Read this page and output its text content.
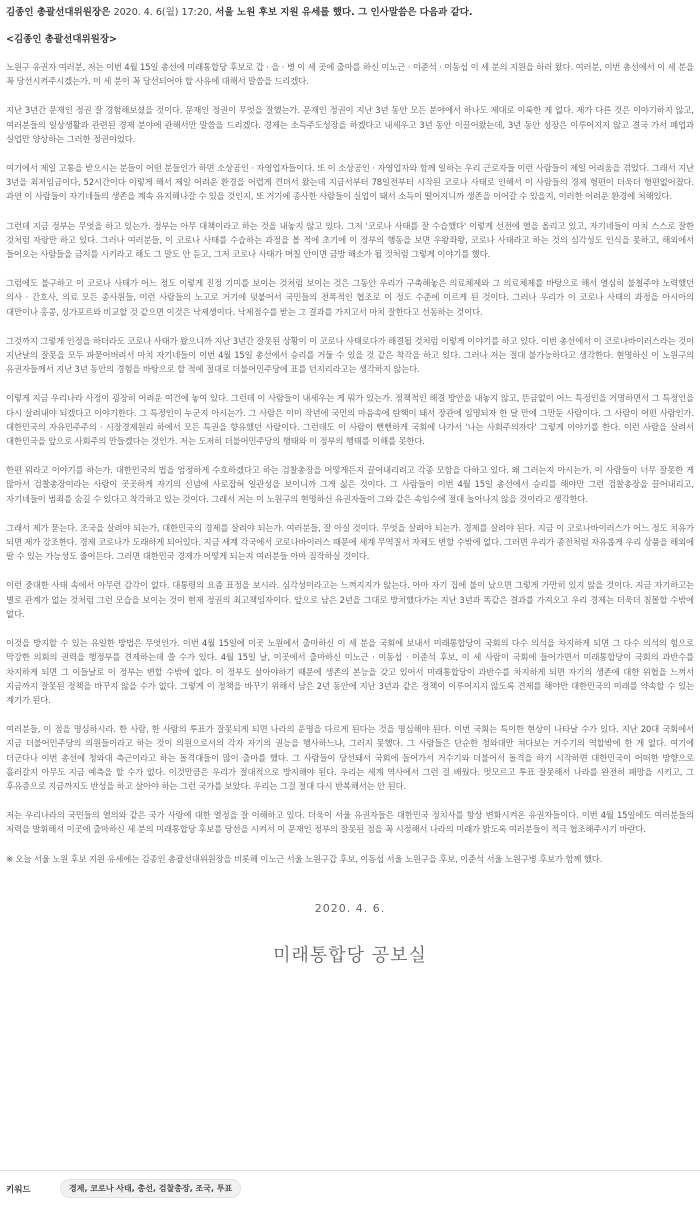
김종인 총괄선대위원장은 2020. 4. 6(월) 17:20, 서울 노원 후보 지원 유세를 했다. 그 인사말씀은 다음과 같다.
<김종인 총괄선대위원장>
노원구 유권자 여러분, 저는 이번 4월 15일 총선에 미래통합당 후보로 갑 · 을 · 병 이 세 곳에 출마를 하신 이노근 · 이준석 · 이동섭 이 세 분의 지원을 하러 왔다. 여러분, 이번 총선에서 이 세 분을 꼭 당선시켜주시겠는가. 이 세 분이 꼭 당선되어야 할 사유에 대해서 말씀을 드리겠다.
지난 3년간 문재인 정권 잘 경험해보셨을 것이다. 문재인 정권이 무엇을 잘했는가. 문재인 정권이 지난 3년 동안 모든 분야에서 하나도 제대로 이룩한 게 없다. 제가 다른 것은 이야기하지 않고, 여러분들의 일상생활과 관련된 경제 분야에 관해서만 말씀을 드리겠다. 경제는 소득주도성장을 하겠다고 내세우고 3년 동안 이끌어왔는데, 3년 동안 성장은 이루어지지 않고 결국 가서 폐업과 실업만 양상하는 그러한 정권이었다.
여기에서 제일 고통을 받으시는 분들이 어떤 분들인가 하면 소상공인 · 자영업자들이다. 또 이 소상공인 · 자영업자와 함께 일하는 우리 근로자들 이런 사람들이 제일 어려움을 겪었다. 그래서 지난 3년을 최저임금이다, 52시간이다 이렇게 해서 제일 어려운 환경을 어렵게 견뎌서 왔는데 지금서부터 78일전부터 시작된 코로나 사태로 인해서 이 사람들의 경제 형편이 더욱더 형편없어졌다. 과연 이 사람들이 자기네들의 생존을 계속 유지해나갈 수 있을 것인지, 또 거기에 종사한 사람들이 실업이 돼서 소득이 떨어지니까 생존을 이어갈 수 있을지, 이러한 어려운 환경에 처해있다.
그런데 지금 정부는 무엇을 하고 있는가. 정부는 아무 대책이라고 하는 것을 내놓지 않고 있다. 그저 '코로나 사태를 잘 수습했다' 이렇게 선전에 열을 올리고 있고, 자기네들이 마치 스스로 잘한 것처럼 자랑만 하고 있다. 그러나 여러분들, 이 코로나 사태를 수습하는 과정을 볼 적에 초기에 이 정부의 행동을 보면 우왕좌왕, 코로나 사태라고 하는 것의 심각성도 인식을 못하고, 해외에서 들어오는 사람들을 금지를 시키라고 해도 그 말도 안 듣고, 그저 코로나 사태가 며칠 안이면 금방 해소가 될 것처럼 그렇게 이야기를 했다.
그럼에도 불구하고 이 코로나 사태가 어느 정도 이렇게 진정 기미를 보이는 것처럼 보이는 것은 그동안 우리가 구축해놓은 의료체제와 그 의료체제를 바탕으로 해서 열심히 불철주야 노력했던 의사 · 간호사, 의료 모든 종사원들, 이런 사람들의 노고로 거기에 덧붙어서 국민들의 전폭적인 협조로 이 정도 수준에 이르게 된 것이다. 그러나 우리가 이 코로나 사태의 과정을 아시아의 대만이나 홍콩, 싱가포르와 비교할 것 같으면 이것은 낙제생이다. 낙제점수를 받는 그 결과를 가지고서 마치 잘한다고 선동하는 것이다.
그것까지 그렇게 인정을 하더라도 코로나 사태가 왔으니까 지난 3년간 잘못된 상황이 이 코로나 사태로다가 해결될 것처럼 이렇게 이야기를 하고 있다. 이번 총선에서 이 코로나바이러스라는 것이 지난날의 잘못을 모두 파묻어버려서 마치 자기네들이 이번 4월 15일 총선에서 승리를 거둘 수 있을 것 같은 착각을 하고 있다. 그러나 저는 절대 불가능하다고 생각한다. 현명하신 이 노원구의 유권자들께서 지난 3년 동안의 경험을 바탕으로 할 적에 절대로 더불어민주당에 표를 던지리라고는 생각하지 않는다.
이렇게 지금 우리나라 사정이 굉장히 어려운 여건에 놓여 있다. 그런데 이 사람들이 내세우는 게 뭐가 있는가. 정책적인 해결 방안을 내놓지 않고, 뜬금없이 어느 특정인을 거명하면서 그 특정인을 다시 살려내야 되겠다고 이야기한다. 그 특정인이 누군지 아시는가. 그 사람은 이미 작년에 국민의 마음속에 탄핵이 돼서 장관에 임명되자 한 달 만에 그만둔 사람이다. 그 사람이 어떤 사람인가. 대한민국의 자유민주주의 · 시장경제원리 하에서 모든 특권을 향유했던 사람이다. 그런데도 이 사람이 뻔뻔하게 국회에 나가서 '나는 사회주의자다' 그렇게 이야기를 한다. 이런 사람을 살려서 대한민국을 앞으로 사회주의 만들겠다는 것인가. 저는 도저히 더불어민주당의 행태와 이 정부의 행태를 이해를 못한다.
한편 뭐라고 이야기를 하는가. 대한민국의 법을 엄정하게 수호하겠다고 하는 검찰총장을 어떻게든지 끌어내리려고 각종 모함을 다하고 있다. 왜 그러는지 아시는가. 이 사람들이 너무 잘못한 게 많아서 검찰총장이라는 사람이 곳곳하게 자기의 신념에 사로잡혀 일관성을 보이니까 그게 싫은 것이다. 그 사람들이 이번 4월 15일 총선에서 승리를 해야만 그런 검찰총장을 끌어내리고, 자기네들이 범죄를 숨길 수 있다고 착각하고 있는 것이다. 그래서 저는 이 노원구의 현명하신 유권자들이 그와 같은 속임수에 절대 놀아나지 않을 것이라고 생각한다.
그래서 제가 묻는다. 조국을 살려야 되는가, 대한민국의 경제를 살려야 되는가. 여러분들, 잘 아실 것이다. 무엇을 살려야 되는가. 경제를 살려야 된다. 지금 이 코로나바이러스가 어느 정도 치유가 되면 제가 강조한다. 경제 코로나가 도래하게 되어있다. 지금 세계 각국에서 코로나바이러스 때문에 세계 무역질서 자체도 변할 수밖에 없다. 그러면 우리가 종전처럼 자유롭게 우리 상품을 해외에 팔 수 있는 가능성도 줄어든다. 그러면 대한민국 경제가 어떻게 되는지 여러분들 아마 짐작하실 것이다.
이런 중대한 사태 속에서 아무런 감각이 없다. 대통령의 요즘 표정을 보시라. 심각성이라고는 느껴지지가 않는다. 아마 자기 집에 불이 났으면 그렇게 가만히 있지 않을 것이다. 지금 자기하고는 별로 관계가 없는 것처럼 그런 모습을 보이는 것이 현재 정권의 최고책임자이다. 앞으로 남은 2년을 그대로 방치했다가는 지난 3년과 똑같은 결과를 가져오고 우리 경제는 더욱더 침몰할 수밖에 없다.
이것을 방지할 수 있는 유일한 방법은 무엇인가. 이번 4월 15일에 이곳 노원에서 출마하신 이 세 분을 국회에 보내서 미래통합당이 국회의 다수 의석을 차지하게 되면 그 다수 의석의 힘으로 막강한 의회의 권력을 행정부를 견제하는데 쓸 수가 있다. 4월 15일 날, 이곳에서 출마하신 이노근 · 이동섭 · 이준석 후보, 이 세 사람이 국회에 들어가면서 미래통합당이 국회의 과반수를 차지하게 되면 그 이들날로 이 정부는 변할 수밖에 없다. 이 정부도 살아야하기 때문에 생존의 본능을 갖고 있어서 미래통합당이 과반수를 차지하게 되면 자기의 생존에 대한 위협을 느껴서 지금까지 잘못된 정책을 바꾸지 않을 수가 없다. 그렇게 이 정책을 바꾸기 위해서 남은 2년 동안에 지난 3년과 같은 정책이 이루어지지 않도록 견제를 해야만 대한민국의 미래를 약속할 수 있는 계기가 된다.
여러분들, 이 점을 명심하시라. 한 사람, 한 사람의 투표가 잘못되게 되면 나라의 운명을 다르게 된다는 것을 명심해야 된다. 이번 국회는 특이한 현상이 나타날 수가 있다. 지난 20대 국회에서 지금 더불어민주당의 의원들이라고 하는 것이 의원으로서의 각자 자기의 권능을 행사하느냐, 그러지 못했다. 그 사람들은 단순한 청와대만 쳐다보는 거수기의 역할밖에 한 게 없다. 여기에 더군다나 이번 총선에 청와대 측근이라고 하는 돌격대들이 많이 출마를 했다. 그 사람들이 당선돼서 국회에 들어가서 거수기와 더불어서 돌격을 하기 시작하면 대한민국이 어떠한 방향으로 흘러갈지 아무도 지금 예측을 할 수가 없다. 이것만큼은 우리가 절대적으로 방지해야 된다. 우리는 세계 역사에서 그런 걸 배웠다. 멋모르고 투표 잘못해서 나라를 완전히 패망을 시키고, 그 후유증으로 지금까지도 반성을 하고 살아야 하는 그런 국가를 보았다. 우리는 그걸 절대 다시 반복해서는 안 된다.
저는 우리나라의 국민들의 열의와 같은 국가 사랑에 대한 열정을 잘 이해하고 있다. 더욱이 서울 유권자들은 대한민국 정치사를 항상 변화시켜온 유권자들이다. 이번 4월 15일에도 여러분들의 저력을 발휘해서 이곳에 출마하신 세 분의 미래통합당 후보를 당선을 시켜서 이 문재인 정부의 잘못된 점을 꼭 시정해서 나라의 미래가 밝도록 여러분들이 적극 협조해주시기 바란다.
※ 오늘 서울 노원 후보 지원 유세에는 김종인 총괄선대위원장을 비롯해 이노근 서울 노원구갑 후보, 이동섭 서울 노원구을 후보, 이준석 서울 노원구병 후보가 함께 했다.
2020. 4. 6.
미래통합당 공보실
키워드	경제, 코로나 사태, 총선, 검찰총장, 조국, 투표
